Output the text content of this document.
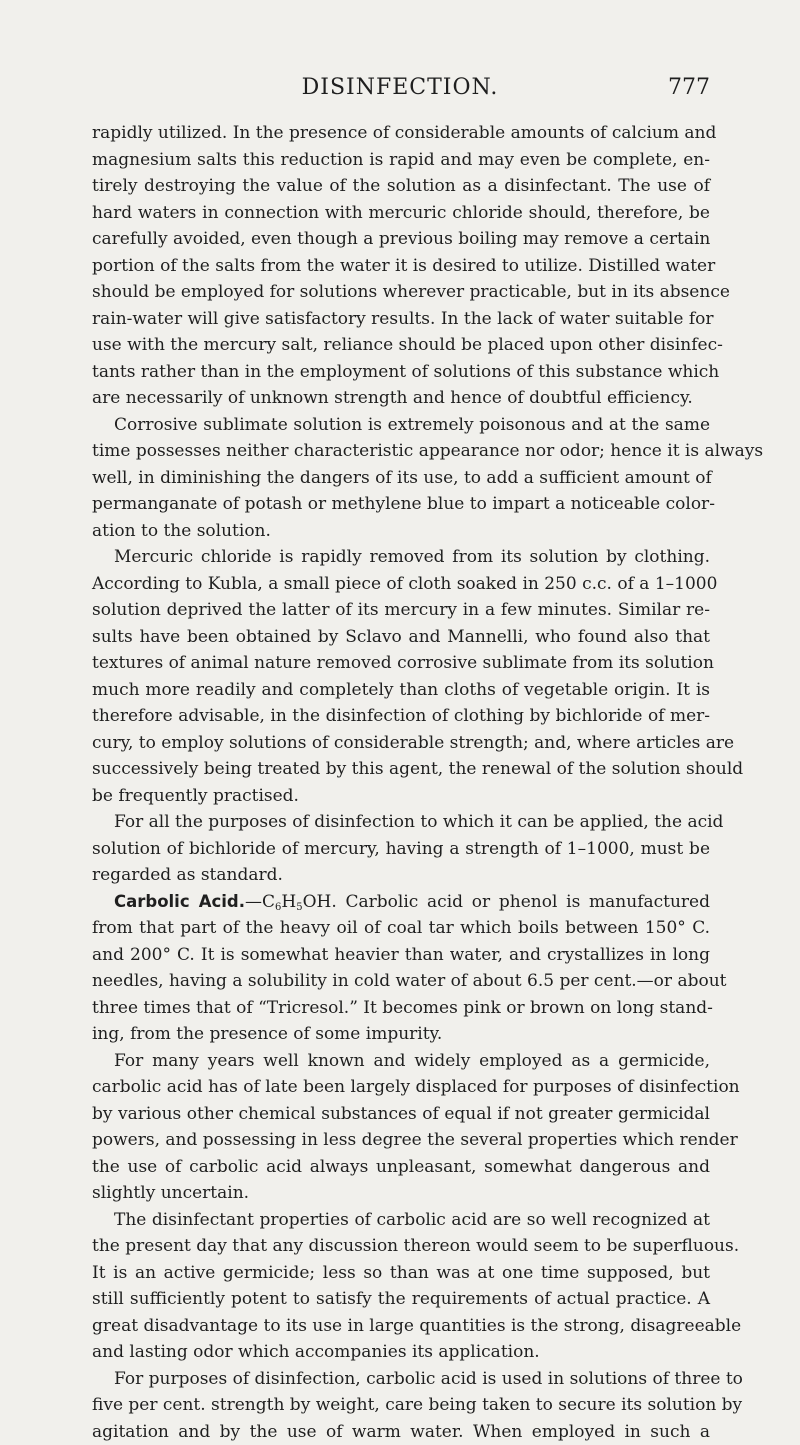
DISINFECTION.	777
rapidly utilized. In the presence of considerable amounts of calcium and
magnesium salts this reduction is rapid and may even be complete, en-
tirely destroying the value of the solution as a disinfectant. The use of
hard waters in connection with mercuric chloride should, therefore, be
carefully avoided, even though a previous boiling may remove a certain
portion of the salts from the water it is desired to utilize. Distilled water
should be employed for solutions wherever practicable, but in its absence
rain-water will give satisfactory results. In the lack of water suitable for
use with the mercury salt, reliance should be placed upon other disinfec-
tants rather than in the employment of solutions of this substance which
are necessarily of unknown strength and hence of doubtful efficiency.
Corrosive sublimate solution is extremely poisonous and at the same
time possesses neither characteristic appearance nor odor; hence it is always
well, in diminishing the dangers of its use, to add a sufficient amount of
permanganate of potash or methylene blue to impart a noticeable color-
ation to the solution.
Mercuric chloride is rapidly removed from its solution by clothing.
According to Kubla, a small piece of cloth soaked in 250 c.c. of a 1–1000
solution deprived the latter of its mercury in a few minutes. Similar re-
sults have been obtained by Sclavo and Mannelli, who found also that
textures of animal nature removed corrosive sublimate from its solution
much more readily and completely than cloths of vegetable origin. It is
therefore advisable, in the disinfection of clothing by bichloride of mer-
cury, to employ solutions of considerable strength; and, where articles are
successively being treated by this agent, the renewal of the solution should
be frequently practised.
For all the purposes of disinfection to which it can be applied, the acid
solution of bichloride of mercury, having a strength of 1–1000, must be
regarded as standard.
Carbolic $Acid.—C_6H_5OH$. Carbolic acid or phenol is manufactured
from that part of the heavy oil of coal tar which boils between 150° C.
and 200° C. It is somewhat heavier than water, and crystallizes in long
needles, having a solubility in cold water of about 6.5 per cent.—or about
three times that of “Tricresol.” It becomes pink or brown on long stand-
ing, from the presence of some impurity.
For many years well known and widely employed as a germicide,
carbolic acid has of late been largely displaced for purposes of disinfection
by various other chemical substances of equal if not greater germicidal
powers, and possessing in less degree the several properties which render
the use of carbolic acid always unpleasant, somewhat dangerous and
slightly uncertain.
The disinfectant properties of carbolic acid are so well recognized at
the present day that any discussion thereon would seem to be superfluous.
It is an active germicide; less so than was at one time supposed, but
still sufficiently potent to satisfy the requirements of actual practice. A
great disadvantage to its use in large quantities is the strong, disagreeable
and lasting odor which accompanies its application.
For purposes of disinfection, carbolic acid is used in solutions of three to
five per cent. strength by weight, care being taken to secure its solution by
agitation and by the use of warm water. When employed in such a
